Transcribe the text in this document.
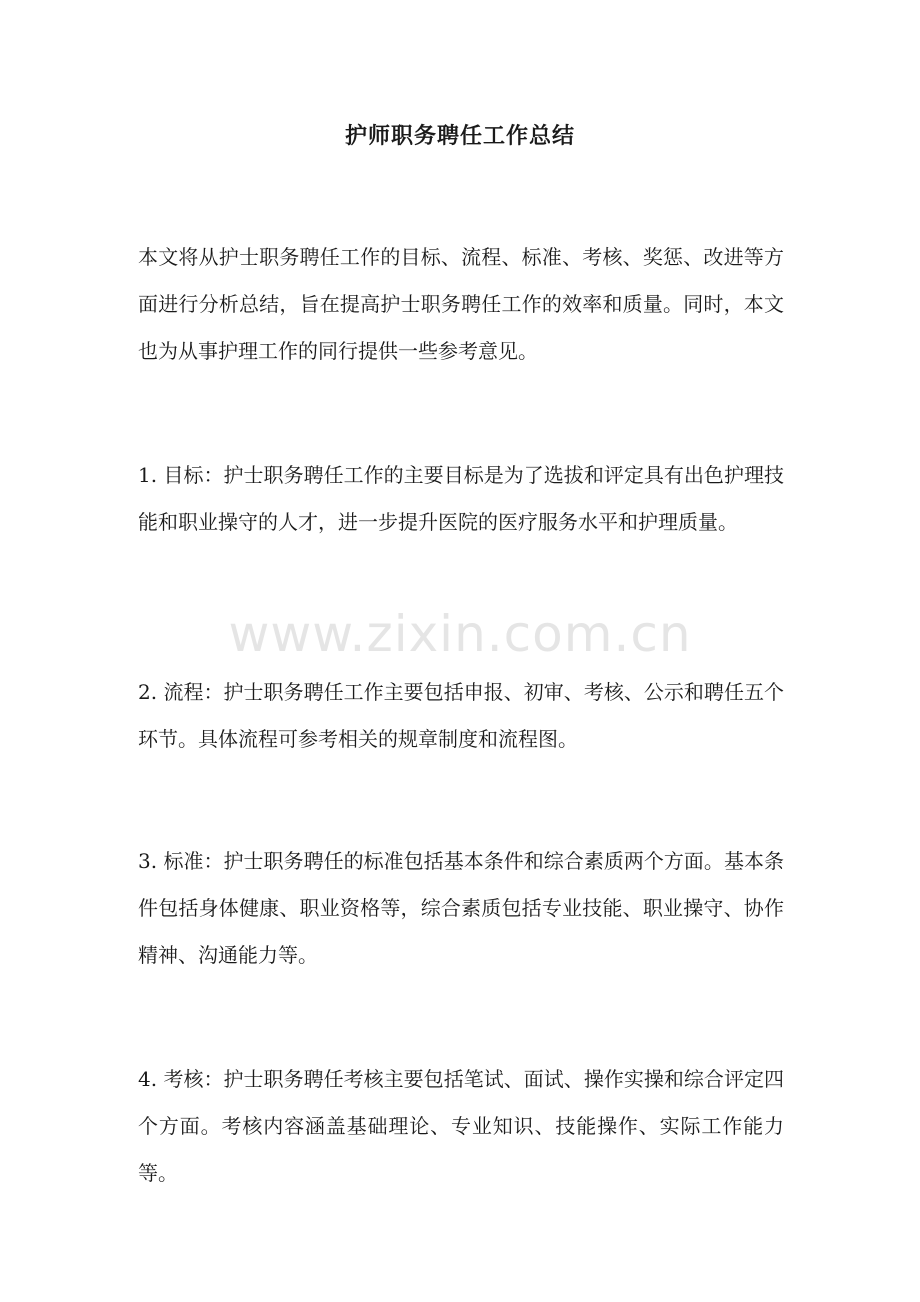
护师职务聘任工作总结

本文将从护士职务聘任工作的目标、流程、标准、考核、奖惩、改进等方面进行分析总结，旨在提高护士职务聘任工作的效率和质量。同时，本文也为从事护理工作的同行提供一些参考意见。

1. 目标：护士职务聘任工作的主要目标是为了选拔和评定具有出色护理技能和职业操守的人才，进一步提升医院的医疗服务水平和护理质量。

www.zixin.com.cn

2. 流程：护士职务聘任工作主要包括申报、初审、考核、公示和聘任五个环节。具体流程可参考相关的规章制度和流程图。

3. 标准：护士职务聘任的标准包括基本条件和综合素质两个方面。基本条件包括身体健康、职业资格等，综合素质包括专业技能、职业操守、协作精神、沟通能力等。

4. 考核：护士职务聘任考核主要包括笔试、面试、操作实操和综合评定四个方面。考核内容涵盖基础理论、专业知识、技能操作、实际工作能力等。
